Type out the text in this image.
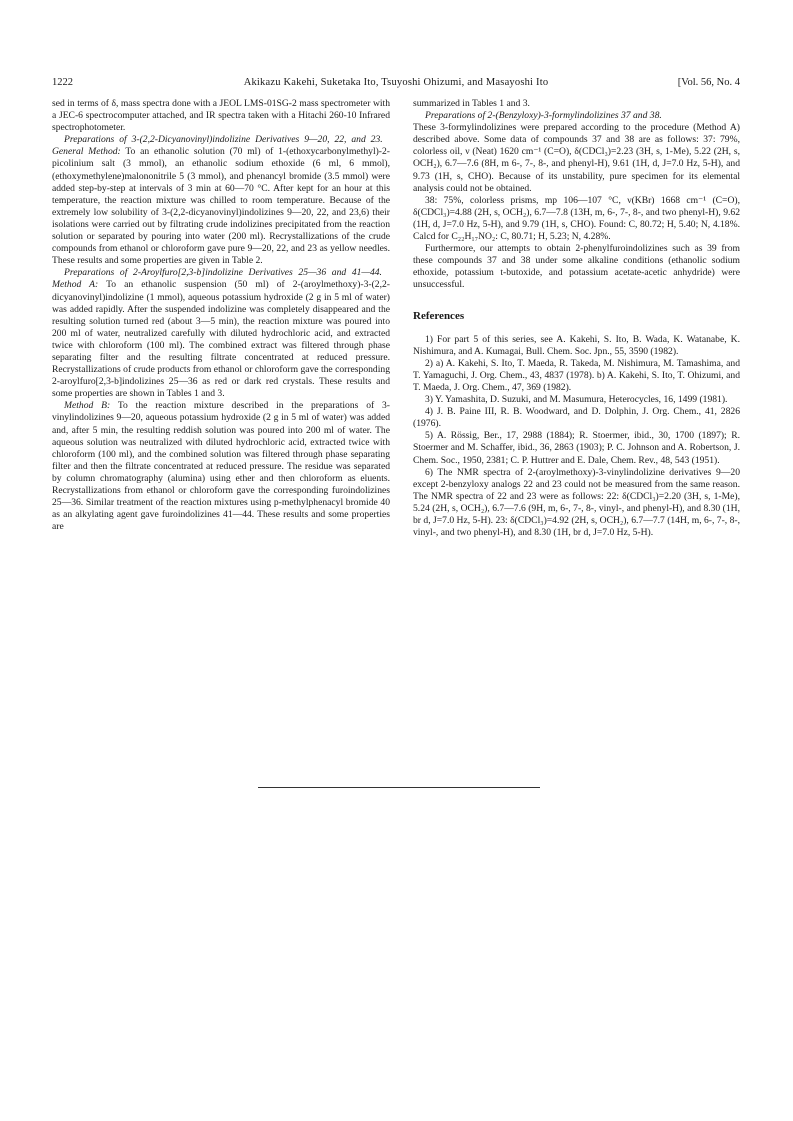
1222	Akikazu Kakehi, Suketaka Ito, Tsuyoshi Ohizumi, and Masayoshi Ito	[Vol. 56, No. 4

sed in terms of δ, mass spectra done with a JEOL LMS-01SG-2 mass spectrometer with a JEC-6 spectrocomputer attached, and IR spectra taken with a Hitachi 260-10 Infrared spectrophotometer.

Preparations of 3-(2,2-Dicyanovinyl)indolizine Derivatives 9—20, 22, and 23.   General Method: To an ethanolic solution (70 ml) of 1-(ethoxycarbonylmethyl)-2-picolinium salt (3 mmol), an ethanolic sodium ethoxide (6 ml, 6 mmol), (ethoxymethylene)malononitrile 5 (3 mmol), and phenancyl bromide (3.5 mmol) were added step-by-step at intervals of 3 min at 60—70 °C. After kept for an hour at this temperature, the reaction mixture was chilled to room temperature. Because of the extremely low solubility of 3-(2,2-dicyanovinyl)indolizines 9—20, 22, and 23,6) their isolations were carried out by filtrating crude indolizines precipitated from the reaction solution or separated by pouring into water (200 ml). Recrystallizations of the crude compounds from ethanol or chloroform gave pure 9—20, 22, and 23 as yellow needles. These results and some properties are given in Table 2.

Preparations of 2-Aroylfuro[2,3-b]indolizine Derivatives 25—36 and 41—44.   Method A: To an ethanolic suspension (50 ml) of 2-(aroylmethoxy)-3-(2,2-dicyanovinyl)indolizine (1 mmol), aqueous potassium hydroxide (2 g in 5 ml of water) was added rapidly. After the suspended indolizine was completely disappeared and the resulting solution turned red (about 3—5 min), the reaction mixture was poured into 200 ml of water, neutralized carefully with diluted hydrochloric acid, and extracted twice with chloroform (100 ml). The combined extract was filtered through phase separating filter and the resulting filtrate concentrated at reduced pressure. Recrystallizations of crude products from ethanol or chloroform gave the corresponding 2-aroylfuro[2,3-b]indolizines 25—36 as red or dark red crystals. These results and some properties are shown in Tables 1 and 3.

Method B: To the reaction mixture described in the preparations of 3-vinylindolizines 9—20, aqueous potassium hydroxide (2 g in 5 ml of water) was added and, after 5 min, the resulting reddish solution was poured into 200 ml of water. The aqueous solution was neutralized with diluted hydrochloric acid, extracted twice with chloroform (100 ml), and the combined solution was filtered through phase separating filter and then the filtrate concentrated at reduced pressure. The residue was separated by column chromatography (alumina) using ether and then chloroform as eluents. Recrystallizations from ethanol or chloroform gave the corresponding furoindolizines 25—36. Similar treatment of the reaction mixtures using p-methylphenacyl bromide 40 as an alkylating agent gave furoindolizines 41—44. These results and some properties are

summarized in Tables 1 and 3.

Preparations of 2-(Benzyloxy)-3-formylindolizines 37 and 38.

These 3-formylindolizines were prepared according to the procedure (Method A) described above. Some data of compounds 37 and 38 are as follows: 37: 79%, colorless oil, ν (Neat) 1620 cm⁻¹ (C=O), δ(CDCl₃)=2.23 (3H, s, 1-Me), 5.22 (2H, s, OCH₂), 6.7—7.6 (8H, m 6-, 7-, 8-, and phenyl-H), 9.61 (1H, d, J=7.0 Hz, 5-H), and 9.73 (1H, s, CHO). Because of its unstability, pure specimen for its elemental analysis could not be obtained.

38: 75%, colorless prisms, mp 106—107 °C, ν(KBr) 1668 cm⁻¹ (C=O), δ(CDCl₃)=4.88 (2H, s, OCH₂), 6.7—7.8 (13H, m, 6-, 7-, 8-, and two phenyl-H), 9.62 (1H, d, J=7.0 Hz, 5-H), and 9.79 (1H, s, CHO). Found: C, 80.72; H, 5.40; N, 4.18%. Calcd for C₂₂H₁₇NO₂: C, 80.71; H, 5.23; N, 4.28%.

Furthermore, our attempts to obtain 2-phenylfuroindolizines such as 39 from these compounds 37 and 38 under some alkaline conditions (ethanolic sodium ethoxide, potassium t-butoxide, and potassium acetate-acetic anhydride) were unsuccessful.

References

1) For part 5 of this series, see A. Kakehi, S. Ito, B. Wada, K. Watanabe, K. Nishimura, and A. Kumagai, Bull. Chem. Soc. Jpn., 55, 3590 (1982).

2) a) A. Kakehi, S. Ito, T. Maeda, R. Takeda, M. Nishimura, M. Tamashima, and T. Yamaguchi, J. Org. Chem., 43, 4837 (1978). b) A. Kakehi, S. Ito, T. Ohizumi, and T. Maeda, J. Org. Chem., 47, 369 (1982).

3) Y. Yamashita, D. Suzuki, and M. Masumura, Heterocycles, 16, 1499 (1981).

4) J. B. Paine III, R. B. Woodward, and D. Dolphin, J. Org. Chem., 41, 2826 (1976).

5) A. Rössig, Ber., 17, 2988 (1884); R. Stoermer, ibid., 30, 1700 (1897); R. Stoermer and M. Schaffer, ibid., 36, 2863 (1903); P. C. Johnson and A. Robertson, J. Chem. Soc., 1950, 2381; C. P. Huttrer and E. Dale, Chem. Rev., 48, 543 (1951).

6) The NMR spectra of 2-(aroylmethoxy)-3-vinylindolizine derivatives 9—20 except 2-benzyloxy analogs 22 and 23 could not be measured from the same reason. The NMR spectra of 22 and 23 were as follows: 22: δ(CDCl₃)=2.20 (3H, s, 1-Me), 5.24 (2H, s, OCH₂), 6.7—7.6 (9H, m, 6-, 7-, 8-, vinyl-, and phenyl-H), and 8.30 (1H, br d, J=7.0 Hz, 5-H). 23: δ(CDCl₃)=4.92 (2H, s, OCH₂), 6.7—7.7 (14H, m, 6-, 7-, 8-, vinyl-, and two phenyl-H), and 8.30 (1H, br d, J=7.0 Hz, 5-H).
